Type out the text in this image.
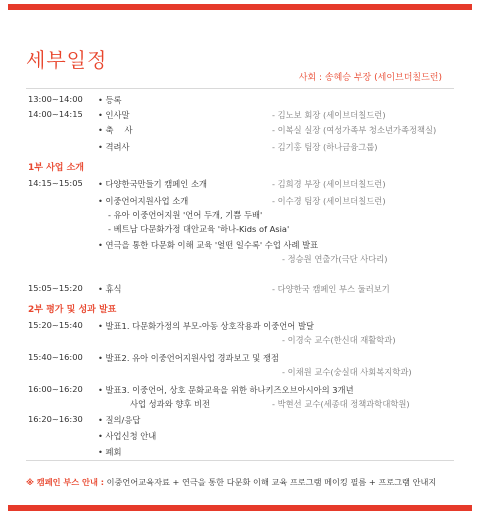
세부일정
사회 : 송혜승 부장 (세이브더칠드런)
13:00~14:00 • 등록
14:00~14:15 • 인사말	- 김노보 회장 (세이브더칠드런)
• 축　 사	- 이복실 실장 (여성가족부 청소년가족정책실)
• 격려사	- 김기홍 팀장 (하나금융그룹)
1부 사업 소개
14:15~15:05 • 다양한국만들기 캠페인 소개	- 김희경 부장 (세이브더칠드런)
• 이중언어지원사업 소개	- 이수경 팀장 (세이브더칠드런)
- 유아 이중언어지원 '언어 두개, 기쁨 두배'
- 베트남 다문화가정 대안교육 '하나-Kids of Asia'
• 연극을 통한 다문화 이해 교육 '얼떤 일수록' 수업 사례 발표
- 정승원 연출가(극단 사다리)
15:05~15:20 • 휴식	- 다양한국 캠페인 부스 둘러보기
2부 평가 및 성과 발표
15:20~15:40 • 발표1. 다문화가정의 부모-아동 상호작용과 이중언어 발달
- 이경숙 교수(한신대 재활학과)
15:40~16:00 • 발표2. 유아 이중언어지원사업 경과보고 및 쟁점
- 이채원 교수(숭실대 사회복지학과)
16:00~16:20 • 발표3. 이중언어, 상호 문화교육을 위한 하나키즈오브아시아의 3개년
사업 성과와 향후 비전	- 박현선 교수(세종대 정책과학대학원)
16:20~16:30 • 질의/응답
• 사업신청 안내
• 폐회
※ 캠페인 부스 안내 : 이중언어교육자료 + 연극을 통한 다문화 이해 교육 프로그램 메이킹 필름 + 프로그램 안내지
